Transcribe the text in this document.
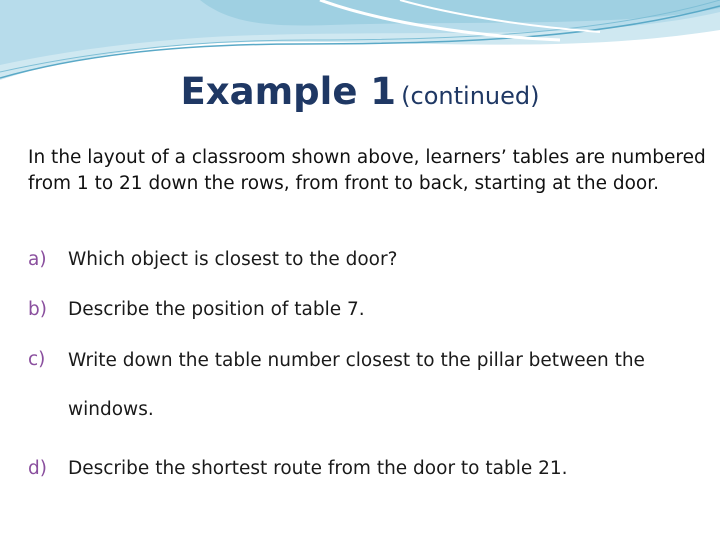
Example 1 (continued)
In the layout of a classroom shown above, learners’ tables are numbered from 1 to 21 down the rows, from front to back, starting at the door.
a)	Which object is closest to the door?
b)	Describe the position of table 7.
c)	Write down the table number closest to the pillar between the windows.
d)	Describe the shortest route from the door to table 21.
